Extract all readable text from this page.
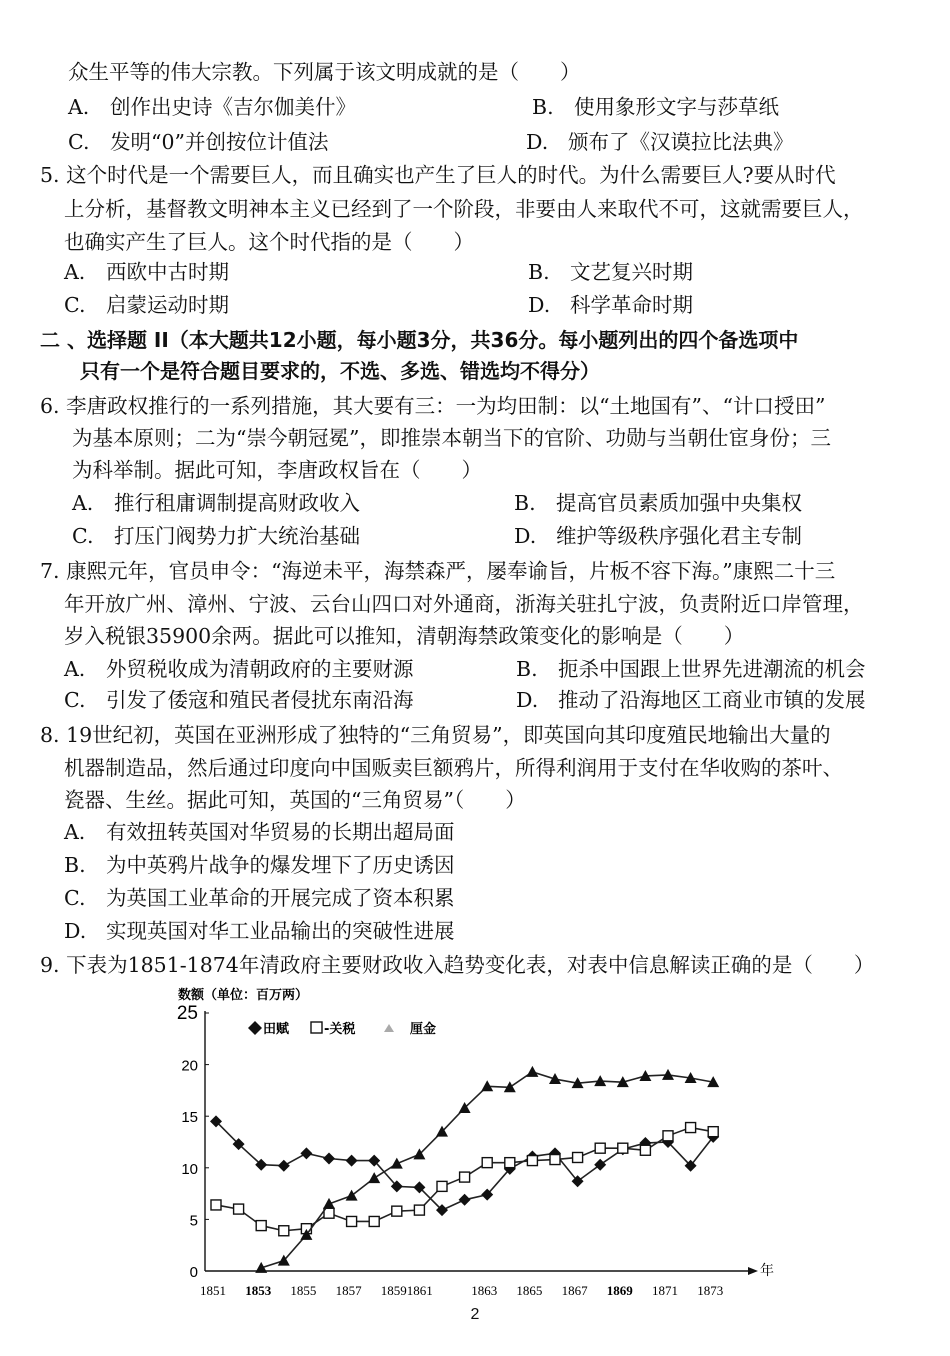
众生平等的伟大宗教。下列属于该文明成就的是（　　）
A. 创作出史诗《吉尔伽美什》	B. 使用象形文字与莎草纸
C. 发明“0”并创按位计值法	D. 颁布了《汉谟拉比法典》
5. 这个时代是一个需要巨人，而且确实也产生了巨人的时代。为什么需要巨人?要从时代
上分析，基督教文明神本主义已经到了一个阶段，非要由人来取代不可，这就需要巨人，
也确实产生了巨人。这个时代指的是（　　）
A. 西欧中古时期	B. 文艺复兴时期
C. 启蒙运动时期	D. 科学革命时期
二 、选择题 II（本大题共12小题，每小题3分，共36分。每小题列出的四个备选项中
只有一个是符合题目要求的，不选、多选、错选均不得分）
6. 李唐政权推行的一系列措施，其大要有三：一为均田制：以“土地国有”、“计口授田”
为基本原则；二为“崇今朝冠冕”，即推崇本朝当下的官阶、功勋与当朝仕宦身份；三
为科举制。据此可知，李唐政权旨在（　　）
A. 推行租庸调制提高财政收入	B. 提高官员素质加强中央集权
C. 打压门阀势力扩大统治基础	D. 维护等级秩序强化君主专制
7. 康熙元年，官员申令：“海逆未平，海禁森严，屡奉谕旨，片板不容下海。”康熙二十三
年开放广州、漳州、宁波、云台山四口对外通商，浙海关驻扎宁波，负责附近口岸管理，
岁入税银35900余两。据此可以推知，清朝海禁政策变化的影响是（　　）
A. 外贸税收成为清朝政府的主要财源	B. 扼杀中国跟上世界先进潮流的机会
C. 引发了倭寇和殖民者侵扰东南沿海	D. 推动了沿海地区工商业市镇的发展
8. 19世纪初，英国在亚洲形成了独特的“三角贸易”，即英国向其印度殖民地输出大量的
机器制造品，然后通过印度向中国贩卖巨额鸦片，所得利润用于支付在华收购的茶叶、
瓷器、生丝。据此可知，英国的“三角贸易”（　　）
A. 有效扭转英国对华贸易的长期出超局面
B. 为中英鸦片战争的爆发埋下了历史诱因
C. 为英国工业革命的开展完成了资本积累
D. 实现英国对华工业品输出的突破性进展
9. 下表为1851-1874年清政府主要财政收入趋势变化表，对表中信息解读正确的是（　　）
数额（单位：百万两）
年
0
5
10
15
20
25
1851 1853 1855 1857 18591861	1863 1865 1867 1869 1871 1873
田赋	-关税	厘金
2
